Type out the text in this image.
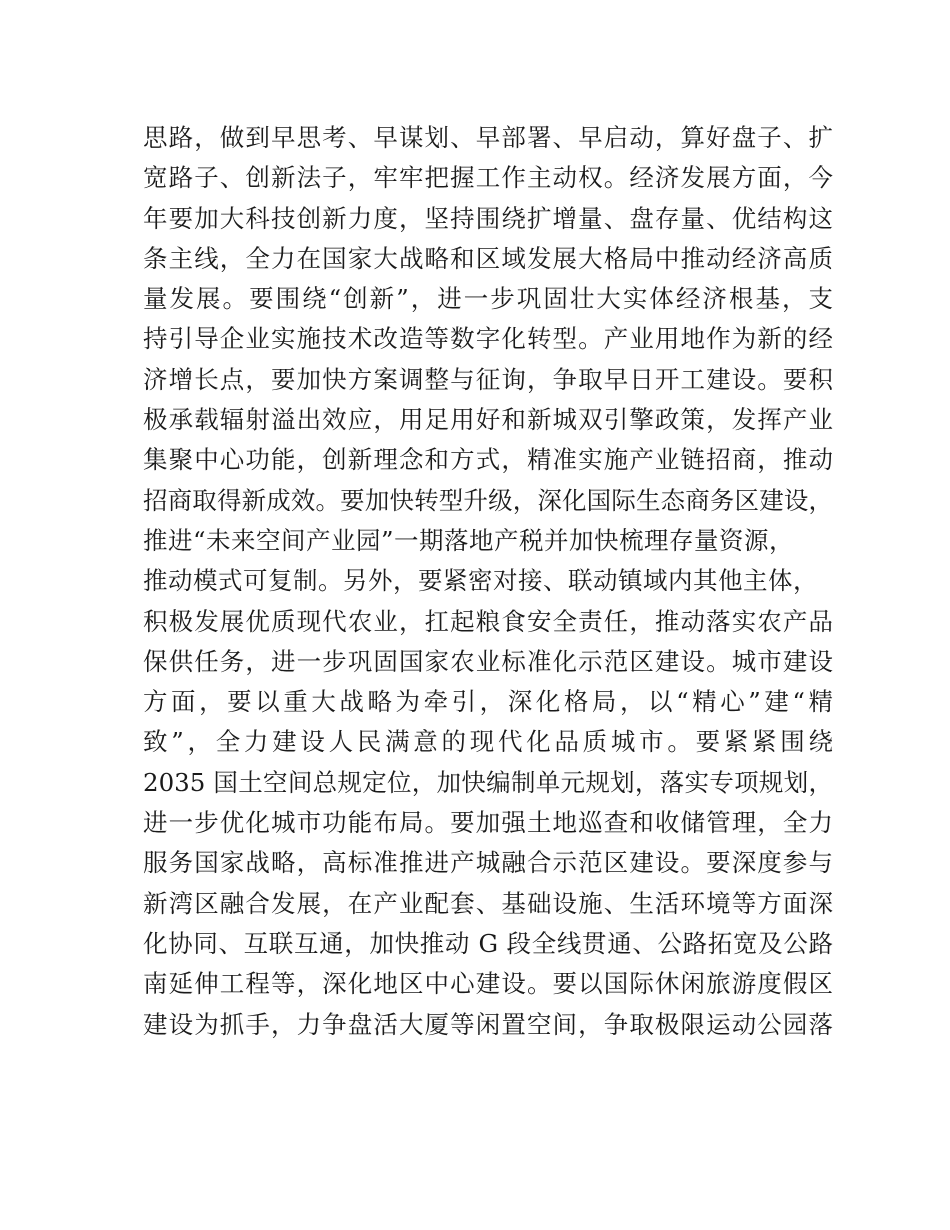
思路，做到早思考、早谋划、早部署、早启动，算好盘子、扩
宽路子、创新法子，牢牢把握工作主动权。经济发展方面，今
年要加大科技创新力度，坚持围绕扩增量、盘存量、优结构这
条主线，全力在国家大战略和区域发展大格局中推动经济高质
量发展。要围绕“创新”，进一步巩固壮大实体经济根基，支
持引导企业实施技术改造等数字化转型。产业用地作为新的经
济增长点，要加快方案调整与征询，争取早日开工建设。要积
极承载辐射溢出效应，用足用好和新城双引擎政策，发挥产业
集聚中心功能，创新理念和方式，精准实施产业链招商，推动
招商取得新成效。要加快转型升级，深化国际生态商务区建设，
推进“未来空间产业园”一期落地产税并加快梳理存量资源，
推动模式可复制。另外，要紧密对接、联动镇域内其他主体，
积极发展优质现代农业，扛起粮食安全责任，推动落实农产品
保供任务，进一步巩固国家农业标准化示范区建设。城市建设
方面，要以重大战略为牵引，深化格局，以“精心”建“精
致”，全力建设人民满意的现代化品质城市。要紧紧围绕
2035 国土空间总规定位，加快编制单元规划，落实专项规划，
进一步优化城市功能布局。要加强土地巡查和收储管理，全力
服务国家战略，高标准推进产城融合示范区建设。要深度参与
新湾区融合发展，在产业配套、基础设施、生活环境等方面深
化协同、互联互通，加快推动 G 段全线贯通、公路拓宽及公路
南延伸工程等，深化地区中心建设。要以国际休闲旅游度假区
建设为抓手，力争盘活大厦等闲置空间，争取极限运动公园落
